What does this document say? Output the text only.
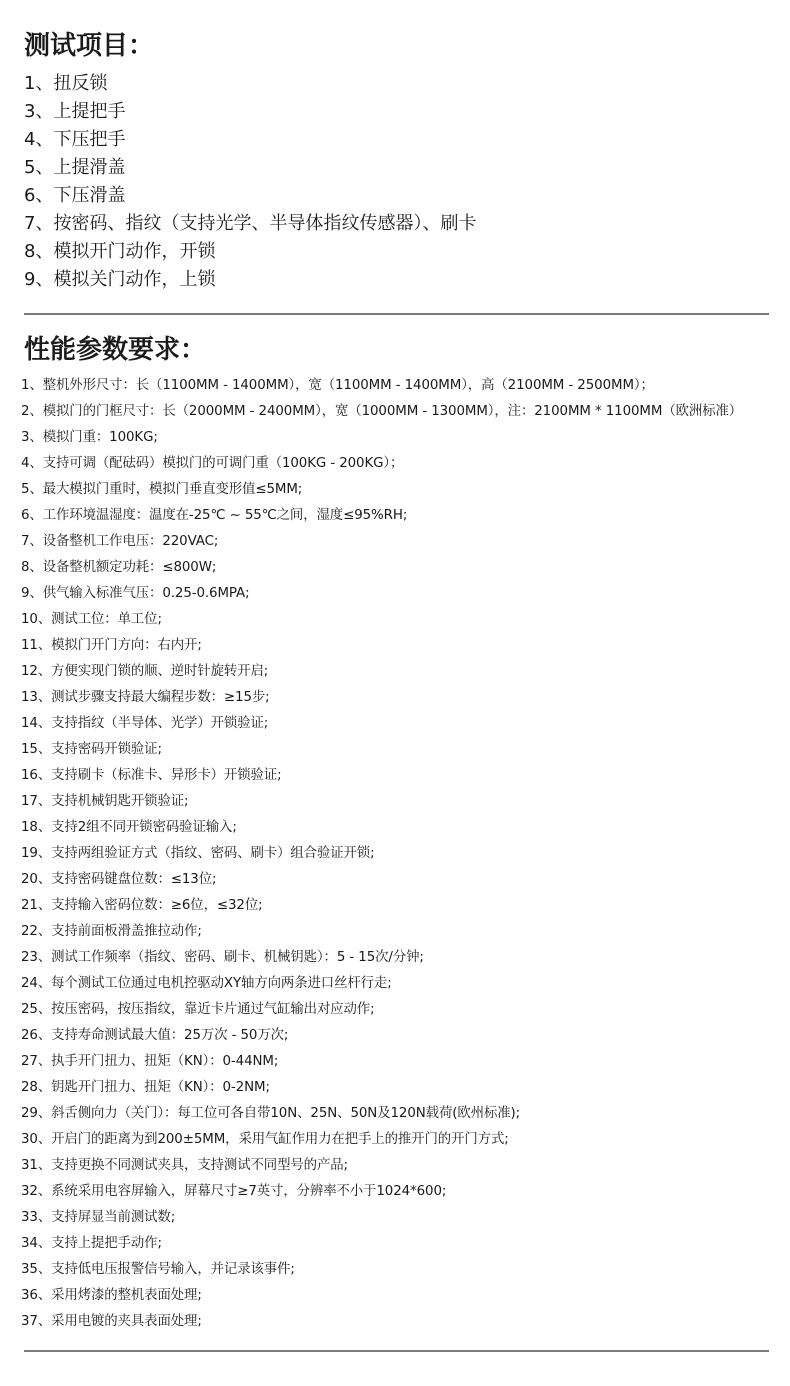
测试项目：
1、扭反锁
3、上提把手
4、下压把手
5、上提滑盖
6、下压滑盖
7、按密码、指纹（支持光学、半导体指纹传感器）、刷卡
8、模拟开门动作，开锁
9、模拟关门动作，上锁
性能参数要求：
1、整机外形尺寸：长（1100MM - 1400MM），宽（1100MM - 1400MM），高（2100MM - 2500MM）；
2、模拟门的门框尺寸：长（2000MM - 2400MM），宽（1000MM - 1300MM），注：2100MM * 1100MM（欧洲标准）
3、模拟门重：100KG;
4、支持可调（配砝码）模拟门的可调门重（100KG - 200KG）；
5、最大模拟门重时，模拟门垂直变形值≤5MM;
6、工作环境温湿度：温度在-25℃ ~ 55℃之间，湿度≤95%RH;
7、设备整机工作电压：220VAC;
8、设备整机额定功耗：≤800W;
9、供气输入标准气压：0.25-0.6MPA;
10、测试工位：单工位;
11、模拟门开门方向：右内开;
12、方便实现门锁的顺、逆时针旋转开启;
13、测试步骤支持最大编程步数：≥15步;
14、支持指纹（半导体、光学）开锁验证;
15、支持密码开锁验证;
16、支持刷卡（标准卡、异形卡）开锁验证;
17、支持机械钥匙开锁验证;
18、支持2组不同开锁密码验证输入;
19、支持两组验证方式（指纹、密码、刷卡）组合验证开锁;
20、支持密码键盘位数：≤13位;
21、支持输入密码位数：≥6位，≤32位;
22、支持前面板滑盖推拉动作;
23、测试工作频率（指纹、密码、刷卡、机械钥匙）：5 - 15次/分钟;
24、每个测试工位通过电机控驱动XY轴方向两条进口丝杆行走;
25、按压密码，按压指纹，靠近卡片通过气缸输出对应动作;
26、支持寿命测试最大值：25万次 - 50万次;
27、执手开门扭力、扭矩（KN）：0-44NM;
28、钥匙开门扭力、扭矩（KN）：0-2NM;
29、斜舌侧向力（关门）：每工位可各自带10N、25N、50N及120N载荷(欧州标准);
30、开启门的距离为到200±5MM，采用气缸作用力在把手上的推开门的开门方式;
31、支持更换不同测试夹具，支持测试不同型号的产品;
32、系统采用电容屏输入，屏幕尺寸≥7英寸，分辨率不小于1024*600;
33、支持屏显当前测试数;
34、支持上提把手动作;
35、支持低电压报警信号输入，并记录该事件;
36、采用烤漆的整机表面处理;
37、采用电镀的夹具表面处理;
